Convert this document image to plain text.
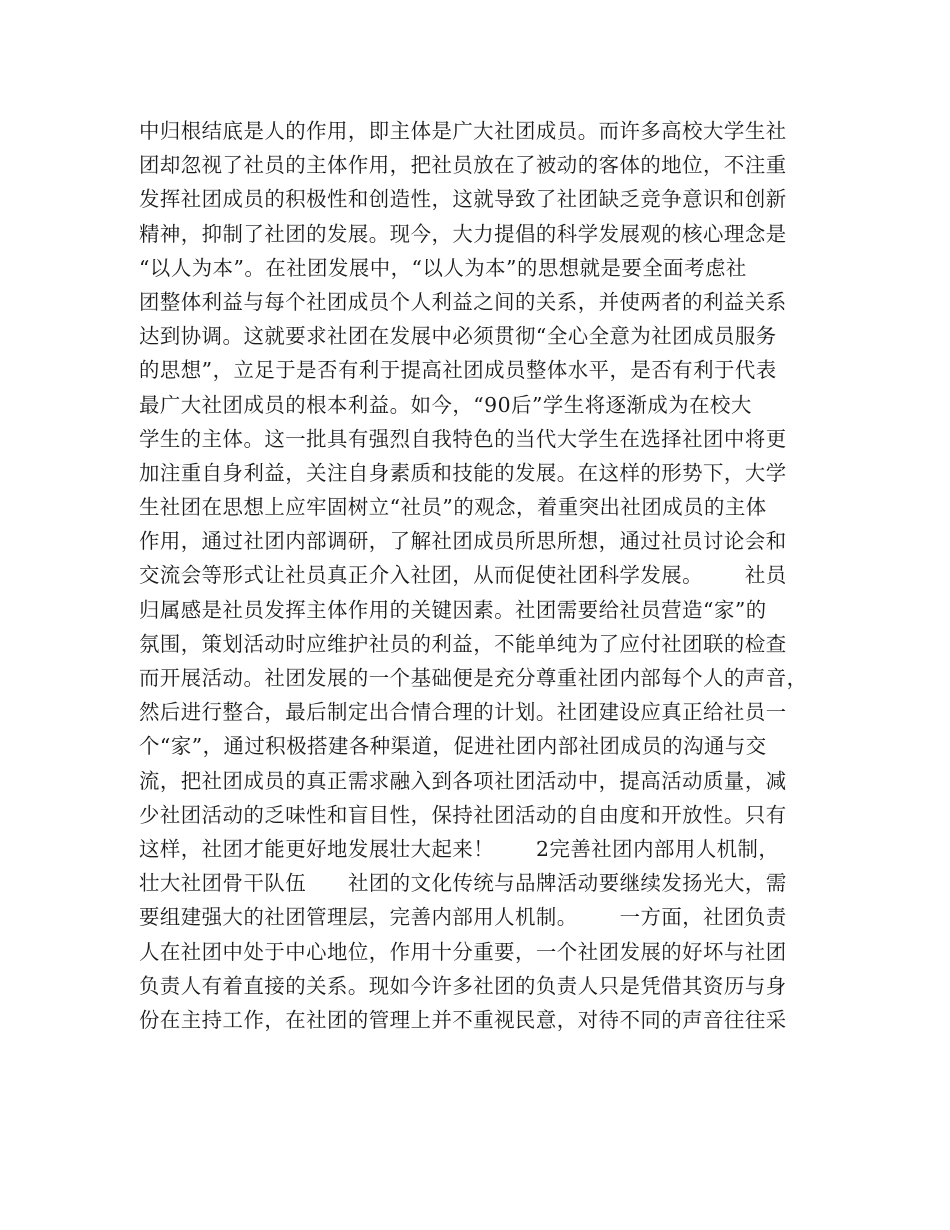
中归根结底是人的作用，即主体是广大社团成员。而许多高校大学生社
团却忽视了社员的主体作用，把社员放在了被动的客体的地位，不注重
发挥社团成员的积极性和创造性，这就导致了社团缺乏竞争意识和创新
精神，抑制了社团的发展。现今，大力提倡的科学发展观的核心理念是
“以人为本”。在社团发展中，“以人为本”的思想就是要全面考虑社
团整体利益与每个社团成员个人利益之间的关系，并使两者的利益关系
达到协调。这就要求社团在发展中必须贯彻“全心全意为社团成员服务
的思想”，立足于是否有利于提高社团成员整体水平，是否有利于代表
最广大社团成员的根本利益。如今，“90后”学生将逐渐成为在校大
学生的主体。这一批具有强烈自我特色的当代大学生在选择社团中将更
加注重自身利益，关注自身素质和技能的发展。在这样的形势下，大学
生社团在思想上应牢固树立“社员”的观念，着重突出社团成员的主体
作用，通过社团内部调研，了解社团成员所思所想，通过社员讨论会和
交流会等形式让社员真正介入社团，从而促使社团科学发展。      社员
归属感是社员发挥主体作用的关键因素。社团需要给社员营造“家”的
氛围，策划活动时应维护社员的利益，不能单纯为了应付社团联的检查
而开展活动。社团发展的一个基础便是充分尊重社团内部每个人的声音，
然后进行整合，最后制定出合情合理的计划。社团建设应真正给社员一
个“家”，通过积极搭建各种渠道，促进社团内部社团成员的沟通与交
流，把社团成员的真正需求融入到各项社团活动中，提高活动质量，减
少社团活动的乏味性和盲目性，保持社团活动的自由度和开放性。只有
这样，社团才能更好地发展壮大起来！      2完善社团内部用人机制，
壮大社团骨干队伍      社团的文化传统与品牌活动要继续发扬光大，需
要组建强大的社团管理层，完善内部用人机制。      一方面，社团负责
人在社团中处于中心地位，作用十分重要，一个社团发展的好坏与社团
负责人有着直接的关系。现如今许多社团的负责人只是凭借其资历与身
份在主持工作，在社团的管理上并不重视民意，对待不同的声音往往采
